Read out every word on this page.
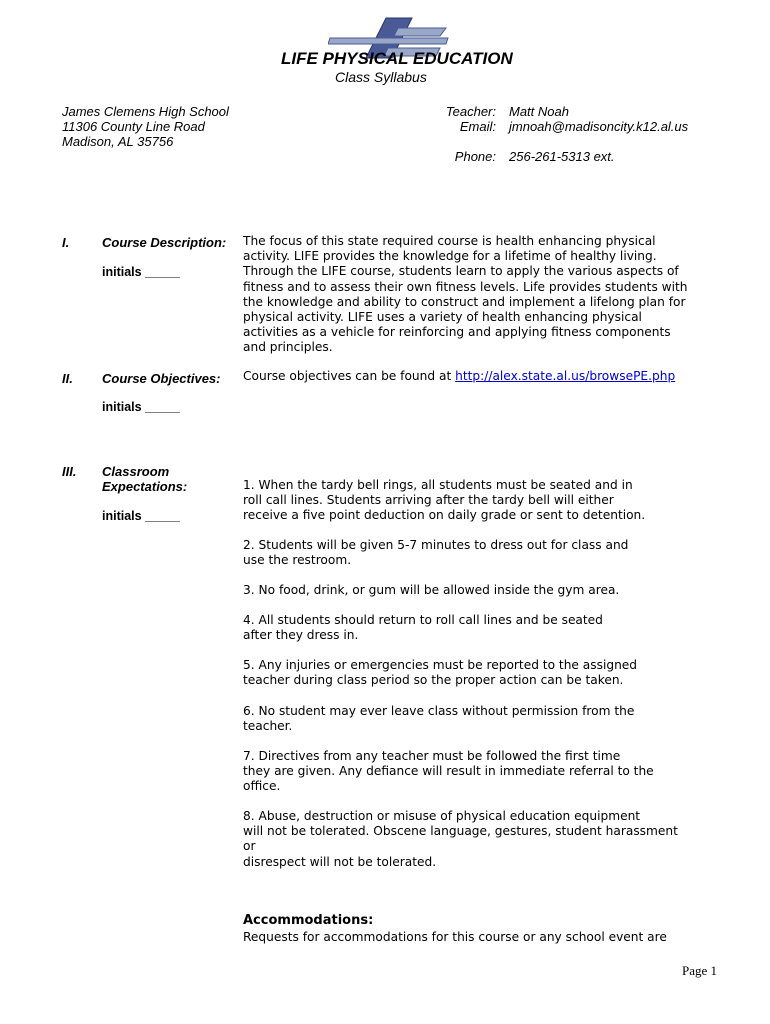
LIFE PHYSICAL EDUCATION
Class Syllabus
James Clemens High School
11306 County Line Road
Madison, AL 35756
Teacher: Matt Noah
Email: jmnoah@madisoncity.k12.al.us
Phone: 256-261-5313 ext.
I.	Course Description:
initials _____
The focus of this state required course is health enhancing physical
activity. LIFE provides the knowledge for a lifetime of healthy living.
Through the LIFE course, students learn to apply the various aspects of
fitness and to assess their own fitness levels. Life provides students with
the knowledge and ability to construct and implement a lifelong plan for
physical activity. LIFE uses a variety of health enhancing physical
activities as a vehicle for reinforcing and applying fitness components
and principles.
II. Course Objectives:
initials _____
Course objectives can be found at http://alex.state.al.us/browsePE.php
III. Classroom
Expectations:
initials _____
1. When the tardy bell rings, all students must be seated and in
roll call lines. Students arriving after the tardy bell will either
receive a five point deduction on daily grade or sent to detention.
2. Students will be given 5-7 minutes to dress out for class and
use the restroom.
3. No food, drink, or gum will be allowed inside the gym area.
4. All students should return to roll call lines and be seated
after they dress in.
5. Any injuries or emergencies must be reported to the assigned
teacher during class period so the proper action can be taken.
6. No student may ever leave class without permission from the
teacher.
7. Directives from any teacher must be followed the first time
they are given. Any defiance will result in immediate referral to the
office.
8. Abuse, destruction or misuse of physical education equipment
will not be tolerated. Obscene language, gestures, student harassment
or
disrespect will not be tolerated.
Accommodations:
Requests for accommodations for this course or any school event are
Page 1
